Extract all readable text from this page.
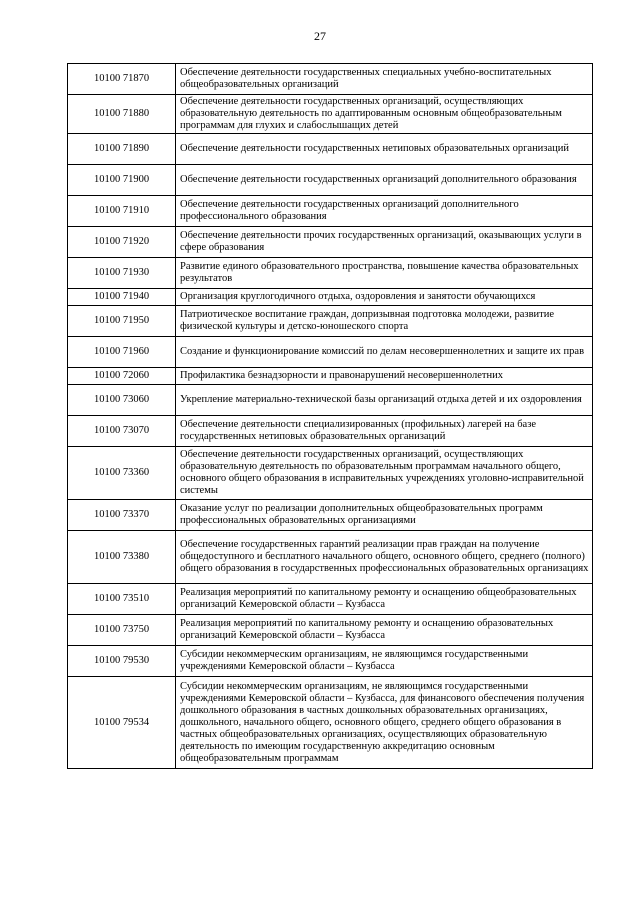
27
10100 71870	Обеспечение деятельности государственных специальных учебно-воспитательных общеобразовательных организаций
10100 71880	Обеспечение деятельности государственных организаций, осуществляющих образовательную деятельность по адаптированным основным общеобразовательным программам для глухих и слабослышащих детей
10100 71890	Обеспечение деятельности государственных нетиповых образовательных организаций
10100 71900	Обеспечение деятельности государственных организаций дополнительного образования
10100 71910	Обеспечение деятельности государственных организаций дополнительного профессионального образования
10100 71920	Обеспечение деятельности прочих государственных организаций, оказывающих услуги в сфере образования
10100 71930	Развитие единого образовательного пространства, повышение качества образовательных результатов
10100 71940	Организация круглогодичного отдыха, оздоровления и занятости обучающихся
10100 71950	Патриотическое воспитание граждан, допризывная подготовка молодежи, развитие физической культуры и детско-юношеского спорта
10100 71960	Создание и функционирование комиссий по делам несовершеннолетних и защите их прав
10100 72060	Профилактика безнадзорности и правонарушений несовершеннолетних
10100 73060	Укрепление материально-технической базы организаций отдыха детей и их оздоровления
10100 73070	Обеспечение деятельности специализированных (профильных) лагерей на базе государственных нетиповых образовательных организаций
10100 73360	Обеспечение деятельности государственных организаций, осуществляющих образовательную деятельность по образовательным программам начального общего, основного общего образования в исправительных учреждениях уголовно-исправительной системы
10100 73370	Оказание услуг по реализации дополнительных общеобразовательных программ профессиональных образовательных организациями
10100 73380	Обеспечение государственных гарантий реализации прав граждан на получение общедоступного и бесплатного начального общего, основного общего, среднего (полного) общего образования в государственных профессиональных образовательных организациях
10100 73510	Реализация мероприятий по капитальному ремонту и оснащению общеобразовательных организаций Кемеровской области – Кузбасса
10100 73750	Реализация мероприятий по капитальному ремонту и оснащению образовательных организаций Кемеровской области – Кузбасса
10100 79530	Субсидии некоммерческим организациям, не являющимся государственными учреждениями Кемеровской области – Кузбасса
10100 79534	Субсидии некоммерческим организациям, не являющимся государственными учреждениями Кемеровской области – Кузбасса, для финансового обеспечения получения дошкольного образования в частных дошкольных образовательных организациях, дошкольного, начального общего, основного общего, среднего общего образования в частных общеобразовательных организациях, осуществляющих образовательную деятельность по имеющим государственную аккредитацию основным общеобразовательным программам
